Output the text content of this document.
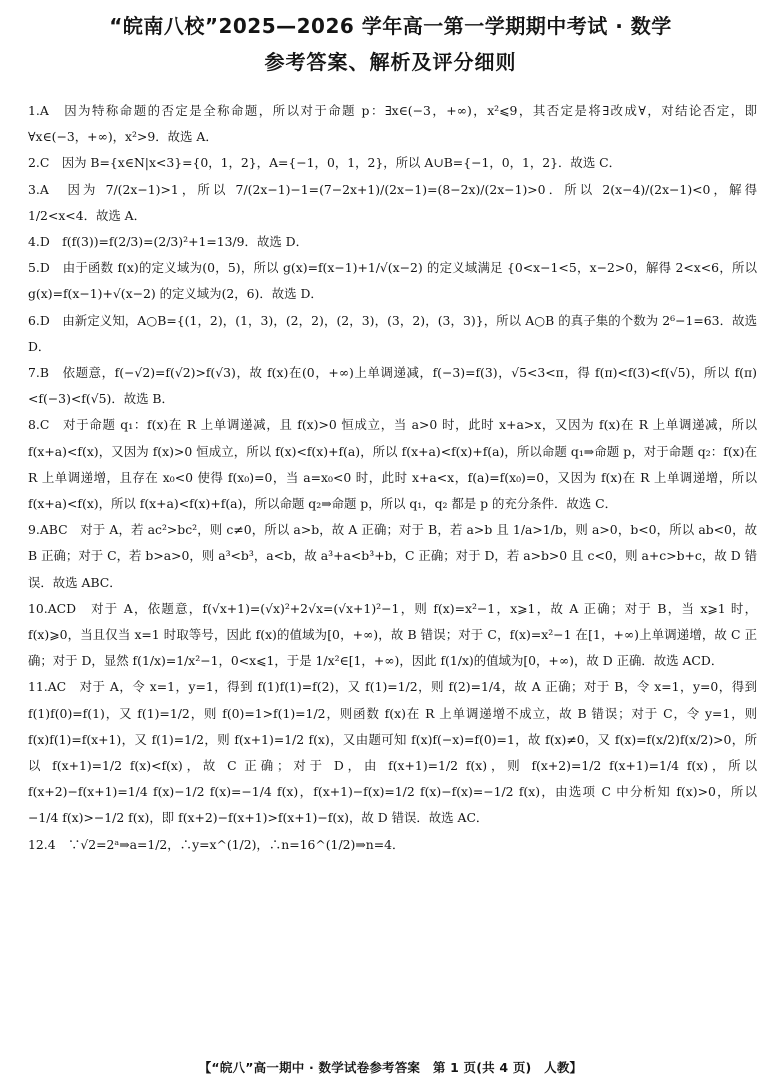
“皖南八校”2025—2026 学年高一第一学期期中考试 · 数学
参考答案、解析及评分细则

1.A　 因为特称命题的否定是全称命题，所以对于命题 p：∃x∈(−3，+∞)，x²⩽9，其否定是将∃改成∀，对结论否定，即∀x∈(−3，+∞)，x²>9．故选 A．

2.C　 因为 B={x∈N|x<3}={0，1，2}，A={−1，0，1，2}，所以 A∪B={−1，0，1，2}．故选 C．

3.A　 因为 7/(2x−1)>1，所以 7/(2x−1)−1=(7−2x+1)/(2x−1)=(8−2x)/(2x−1)>0．所以 2(x−4)/(2x−1)<0，解得 1/2<x<4．故选 A．

4.D　 f(f(3))=f(2/3)=(2/3)²+1=13/9．故选 D．

5.D　 由于函数 f(x)的定义域为(0，5)，所以 g(x)=f(x−1)+1/√(x−2) 的定义域满足 {0<x−1<5，x−2>0，解得 2<x<6，所以 g(x)=f(x−1)+√(x−2) 的定义域为(2，6)．故选 D．

6.D　 由新定义知，A○B={(1，2)，(1，3)，(2，2)，(2，3)，(3，2)，(3，3)}，所以 A○B 的真子集的个数为 2⁶−1=63．故选 D．

7.B　 依题意，f(−√2)=f(√2)>f(√3)，故 f(x)在(0，+∞)上单调递减，f(−3)=f(3)，√5<3<π，得 f(π)<f(3)<f(√5)，所以 f(π)<f(−3)<f(√5)．故选 B．

8.C　 对于命题 q₁：f(x)在 R 上单调递减，且 f(x)>0 恒成立，当 a>0 时，此时 x+a>x，又因为 f(x)在 R 上单调递减，所以 f(x+a)<f(x)，又因为 f(x)>0 恒成立，所以 f(x)<f(x)+f(a)，所以 f(x+a)<f(x)+f(a)，所以命题 q₁⇒命题 p，对于命题 q₂：f(x)在 R 上单调递增，且存在 x₀<0 使得 f(x₀)=0，当 a=x₀<0 时，此时 x+a<x，f(a)=f(x₀)=0，又因为 f(x)在 R 上单调递增，所以 f(x+a)<f(x)，所以 f(x+a)<f(x)+f(a)，所以命题 q₂⇒命题 p，所以 q₁，q₂ 都是 p 的充分条件．故选 C．

9.ABC　 对于 A，若 ac²>bc²，则 c≠0，所以 a>b，故 A 正确；对于 B，若 a>b 且 1/a>1/b，则 a>0，b<0，所以 ab<0，故 B 正确；对于 C，若 b>a>0，则 a³<b³，a<b，故 a³+a<b³+b，C 正确；对于 D，若 a>b>0 且 c<0，则 a+c>b+c，故 D 错误．故选 ABC．

10.ACD　 对于 A，依题意，f(√x+1)=(√x)²+2√x=(√x+1)²−1，则 f(x)=x²−1，x⩾1，故 A 正确；对于 B，当 x⩾1 时，f(x)⩾0，当且仅当 x=1 时取等号，因此 f(x)的值域为[0，+∞)，故 B 错误；对于 C，f(x)=x²−1 在[1，+∞)上单调递增，故 C 正确；对于 D，显然 f(1/x)=1/x²−1，0<x⩽1，于是 1/x²∈[1，+∞)，因此 f(1/x)的值域为[0，+∞)，故 D 正确．故选 ACD．

11.AC　 对于 A，令 x=1，y=1，得到 f(1)f(1)=f(2)，又 f(1)=1/2，则 f(2)=1/4，故 A 正确；对于 B，令 x=1，y=0，得到 f(1)f(0)=f(1)，又 f(1)=1/2，则 f(0)=1>f(1)=1/2，则函数 f(x)在 R 上单调递增不成立，故 B 错误；对于 C，令 y=1，则 f(x)f(1)=f(x+1)，又 f(1)=1/2，则 f(x+1)=1/2 f(x)，又由题可知 f(x)f(−x)=f(0)=1，故 f(x)≠0，又 f(x)=f(x/2)f(x/2)>0，所以 f(x+1)=1/2 f(x)<f(x)，故 C 正确；对于 D，由 f(x+1)=1/2 f(x)，则 f(x+2)=1/2 f(x+1)=1/4 f(x)，所以 f(x+2)−f(x+1)=1/4 f(x)−1/2 f(x)=−1/4 f(x)，f(x+1)−f(x)=1/2 f(x)−f(x)=−1/2 f(x)，由选项 C 中分析知 f(x)>0，所以−1/4 f(x)>−1/2 f(x)，即 f(x+2)−f(x+1)>f(x+1)−f(x)，故 D 错误．故选 AC．

12.4　 ∵√2=2ᵃ⇒a=1/2，∴y=x^(1/2)，∴n=16^(1/2)⇒n=4．

【“皖八”高一期中 · 数学试卷参考答案　第 1 页(共 4 页)　人教】
